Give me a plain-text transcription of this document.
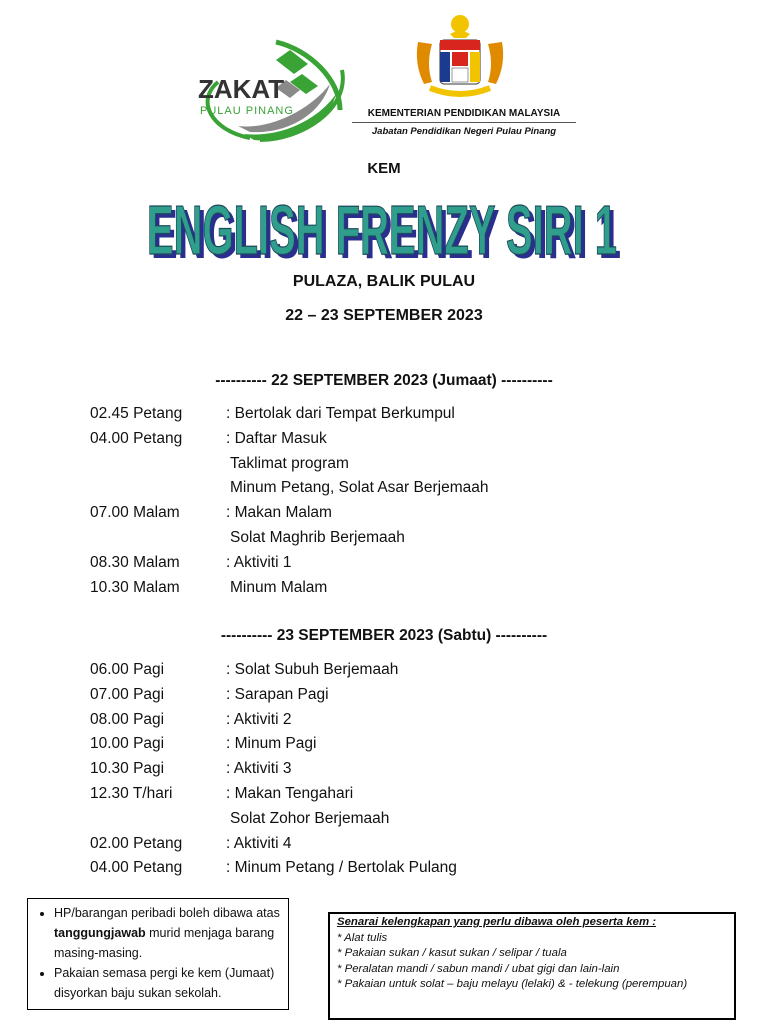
ZAKAT
PULAU PINANG	KEMENTERIAN PENDIDIKAN MALAYSIA
Jabatan Pendidikan Negeri Pulau Pinang
KEM
ENGLISH FRENZY SIRI 1
ENGLISH FRENZY SIRI 1
PULAZA, BALIK PULAU
22 – 23 SEPTEMBER 2023
---------- 22 SEPTEMBER 2023 (Jumaat) ----------
02.45 Petang	: Bertolak dari Tempat Berkumpul
04.00 Petang	: Daftar Masuk
Taklimat program
Minum Petang, Solat Asar Berjemaah
07.00 Malam	: Makan Malam
Solat Maghrib Berjemaah
08.30 Malam	: Aktiviti 1
10.30 Malam	Minum Malam
---------- 23 SEPTEMBER 2023 (Sabtu) ----------
06.00 Pagi	: Solat Subuh Berjemaah
07.00 Pagi	: Sarapan Pagi
08.00 Pagi	: Aktiviti 2
10.00 Pagi	: Minum Pagi
10.30 Pagi	: Aktiviti 3
12.30 T/hari	: Makan Tengahari
Solat Zohor Berjemaah
02.00 Petang	: Aktiviti 4
04.00 Petang	: Minum Petang / Bertolak Pulang
• HP/barangan peribadi boleh dibawa atas tanggungjawab murid menjaga barang masing-masing.
• Pakaian semasa pergi ke kem (Jumaat) disyorkan baju sukan sekolah.
Senarai kelengkapan yang perlu dibawa oleh peserta kem :
* Alat tulis
* Pakaian sukan / kasut sukan / selipar / tuala
* Peralatan mandi / sabun mandi / ubat gigi dan lain-lain
* Pakaian untuk solat – baju melayu (lelaki) & - telekung (perempuan)
